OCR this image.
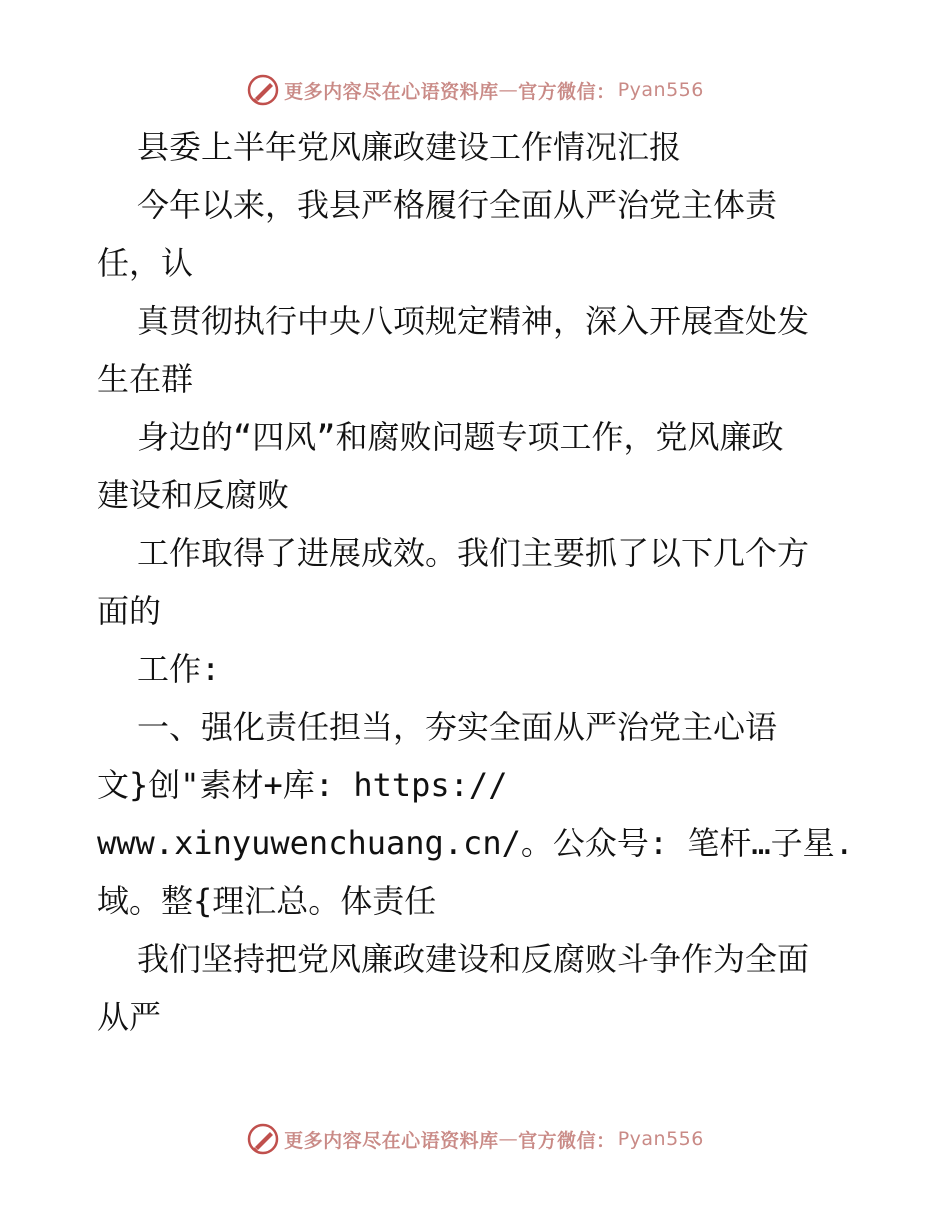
更多内容尽在心语资料库 — 官方微信： Pyan556
县委上半年党风廉政建设工作情况汇报
今年以来，我县严格履行全面从严治党主体责
任，认
真贯彻执行中央八项规定精神，深入开展查处发
生在群
身边的“四风”和腐败问题专项工作，党风廉政
建设和反腐败
工作取得了进展成效。我们主要抓了以下几个方
面的
工作:
一、强化责任担当，夯实全面从严治党主心语
文}创"素材+库: https://
www.xinyuwenchuang.cn/。公众号: 笔杆…子星.
域。整{理汇总。体责任
我们坚持把党风廉政建设和反腐败斗争作为全面
从严
更多内容尽在心语资料库 — 官方微信： Pyan556
